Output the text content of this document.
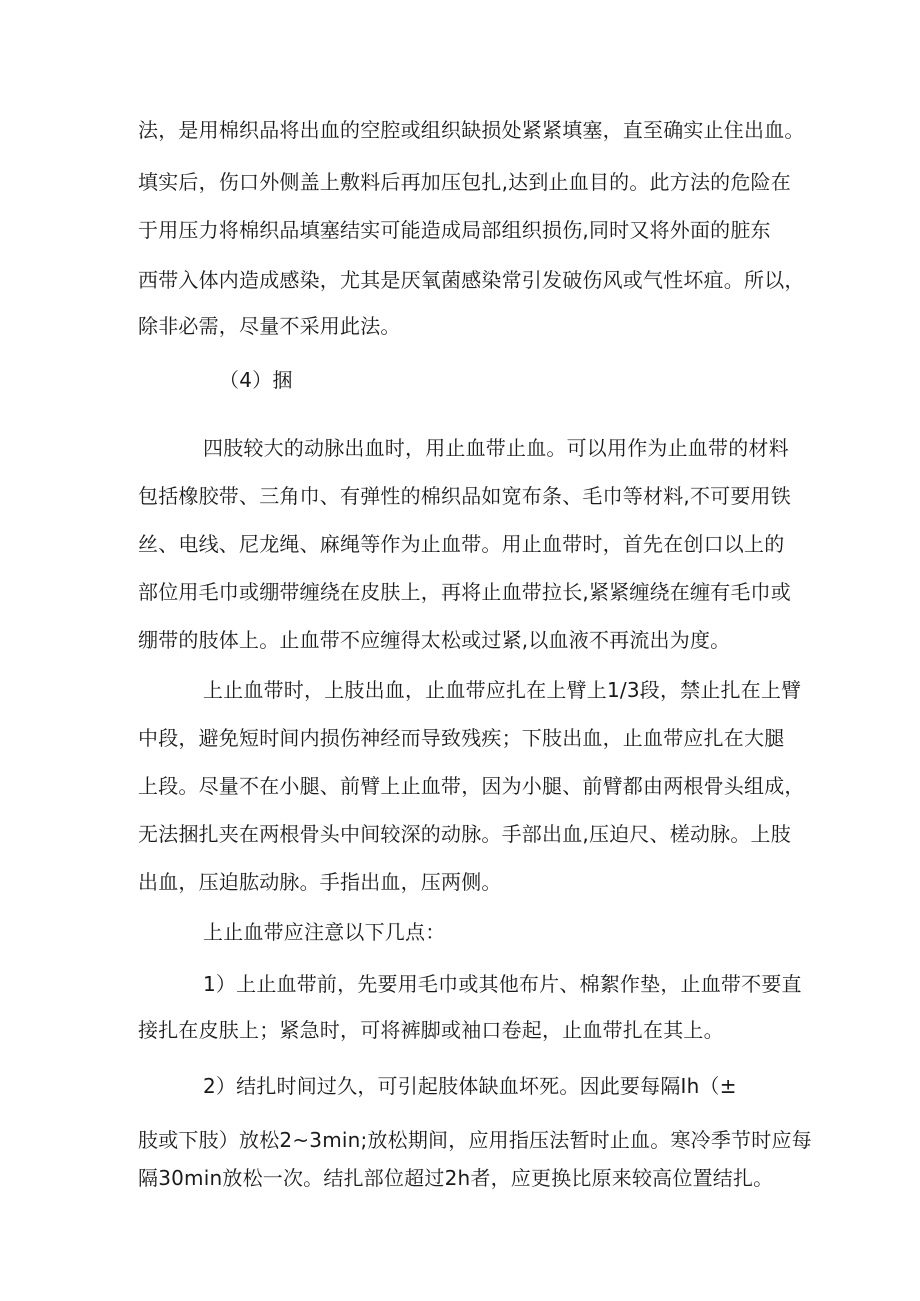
法，是用棉织品将出血的空腔或组织缺损处紧紧填塞，直至确实止住出血。
填实后，伤口外侧盖上敷料后再加压包扎,达到止血目的。此方法的危险在
于用压力将棉织品填塞结实可能造成局部组织损伤,同时又将外面的脏东
西带入体内造成感染，尤其是厌氧菌感染常引发破伤风或气性坏疽。所以，
除非必需，尽量不采用此法。
（4）捆
四肢较大的动脉出血时，用止血带止血。可以用作为止血带的材料
包括橡胶带、三角巾、有弹性的棉织品如宽布条、毛巾等材料,不可要用铁
丝、电线、尼龙绳、麻绳等作为止血带。用止血带时，首先在创口以上的
部位用毛巾或绷带缠绕在皮肤上，再将止血带拉长,紧紧缠绕在缠有毛巾或
绷带的肢体上。止血带不应缠得太松或过紧,以血液不再流出为度。
上止血带时，上肢出血，止血带应扎在上臂上1/3段，禁止扎在上臂
中段，避免短时间内损伤神经而导致残疾；下肢出血，止血带应扎在大腿
上段。尽量不在小腿、前臂上止血带，因为小腿、前臂都由两根骨头组成，
无法捆扎夹在两根骨头中间较深的动脉。手部出血,压迫尺、槎动脉。上肢
出血，压迫肱动脉。手指出血，压两侧。
上止血带应注意以下几点：
1）上止血带前，先要用毛巾或其他布片、棉絮作垫，止血带不要直
接扎在皮肤上；紧急时，可将裤脚或袖口卷起，止血带扎在其上。
2）结扎时间过久，可引起肢体缺血坏死。因此要每隔Ih（±
肢或下肢）放松2~3min;放松期间，应用指压法暂时止血。寒冷季节时应每
隔30min放松一次。结扎部位超过2h者，应更换比原来较高位置结扎。
